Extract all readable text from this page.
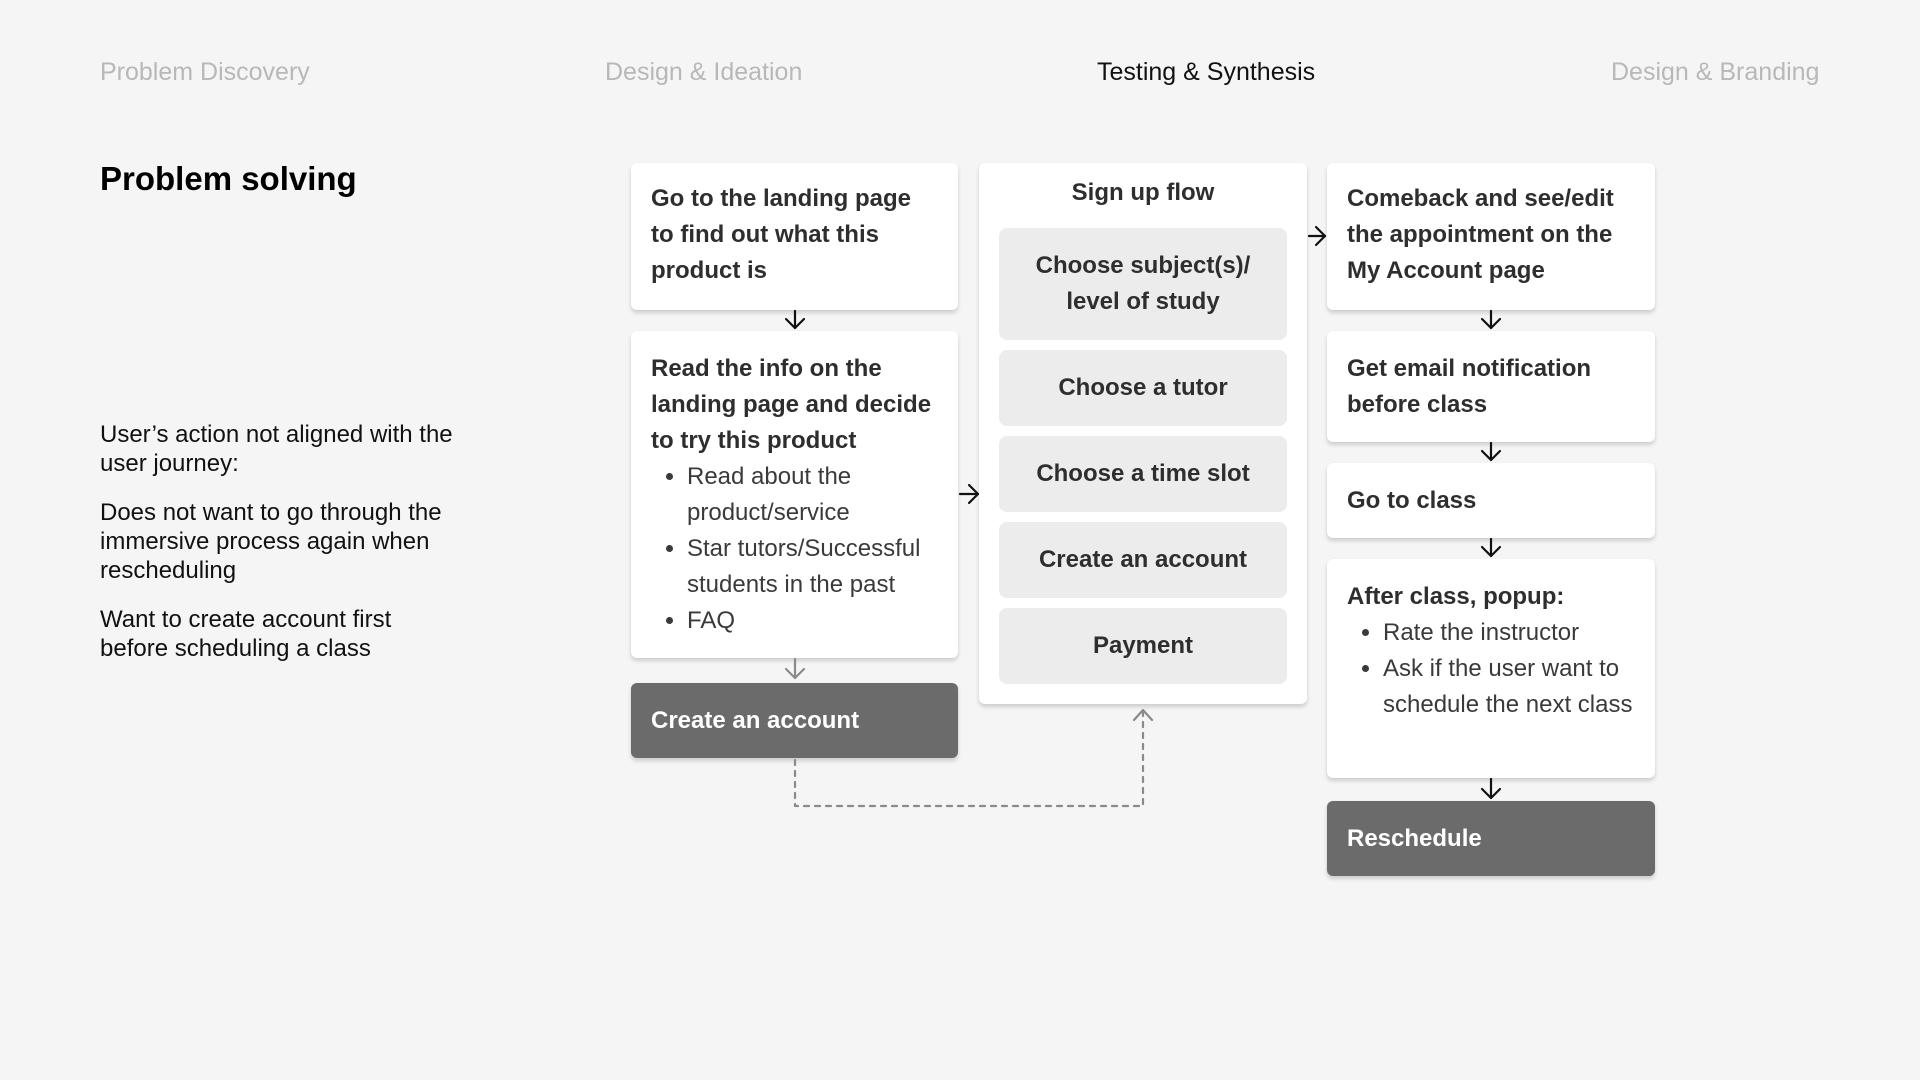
Problem Discovery	Design & Ideation	Testing & Synthesis	Design & Branding
Problem solving

User’s action not aligned with the user journey:

Does not want to go through the immersive process again when rescheduling

Want to create account first before scheduling a class

Go to the landing page to find out what this product is
Read the info on the landing page and decide to try this product
• Read about the product/service
• Star tutors/Successful students in the past
• FAQ
Create an account
Sign up flow
Choose subject(s)/ level of study
Choose a tutor
Choose a time slot
Create an account
Payment
Comeback and see/edit the appointment on the My Account page
Get email notification before class
Go to class
After class, popup:
• Rate the instructor
• Ask if the user want to schedule the next class
Reschedule
